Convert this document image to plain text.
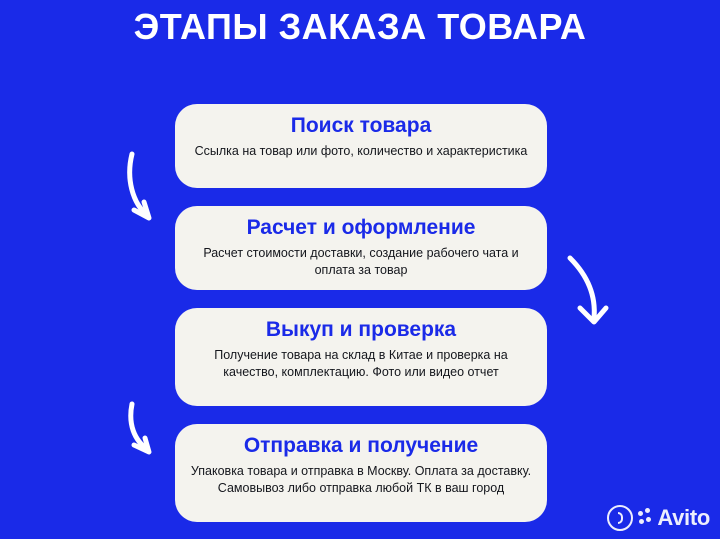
ЭТАПЫ ЗАКАЗА ТОВАРА

Поиск товара

Ссылка на товар или фото, количество и характеристика

Расчет и оформление

Расчет стоимости доставки, создание рабочего чата и оплата за товар

Выкуп и проверка

Получение товара на склад в Китае и проверка на качество, комплектацию. Фото или видео отчет

Отправка и получение

Упаковка товара и отправка в Москву. Оплата за доставку. Самовывоз либо отправка любой ТК в ваш город

Avito
